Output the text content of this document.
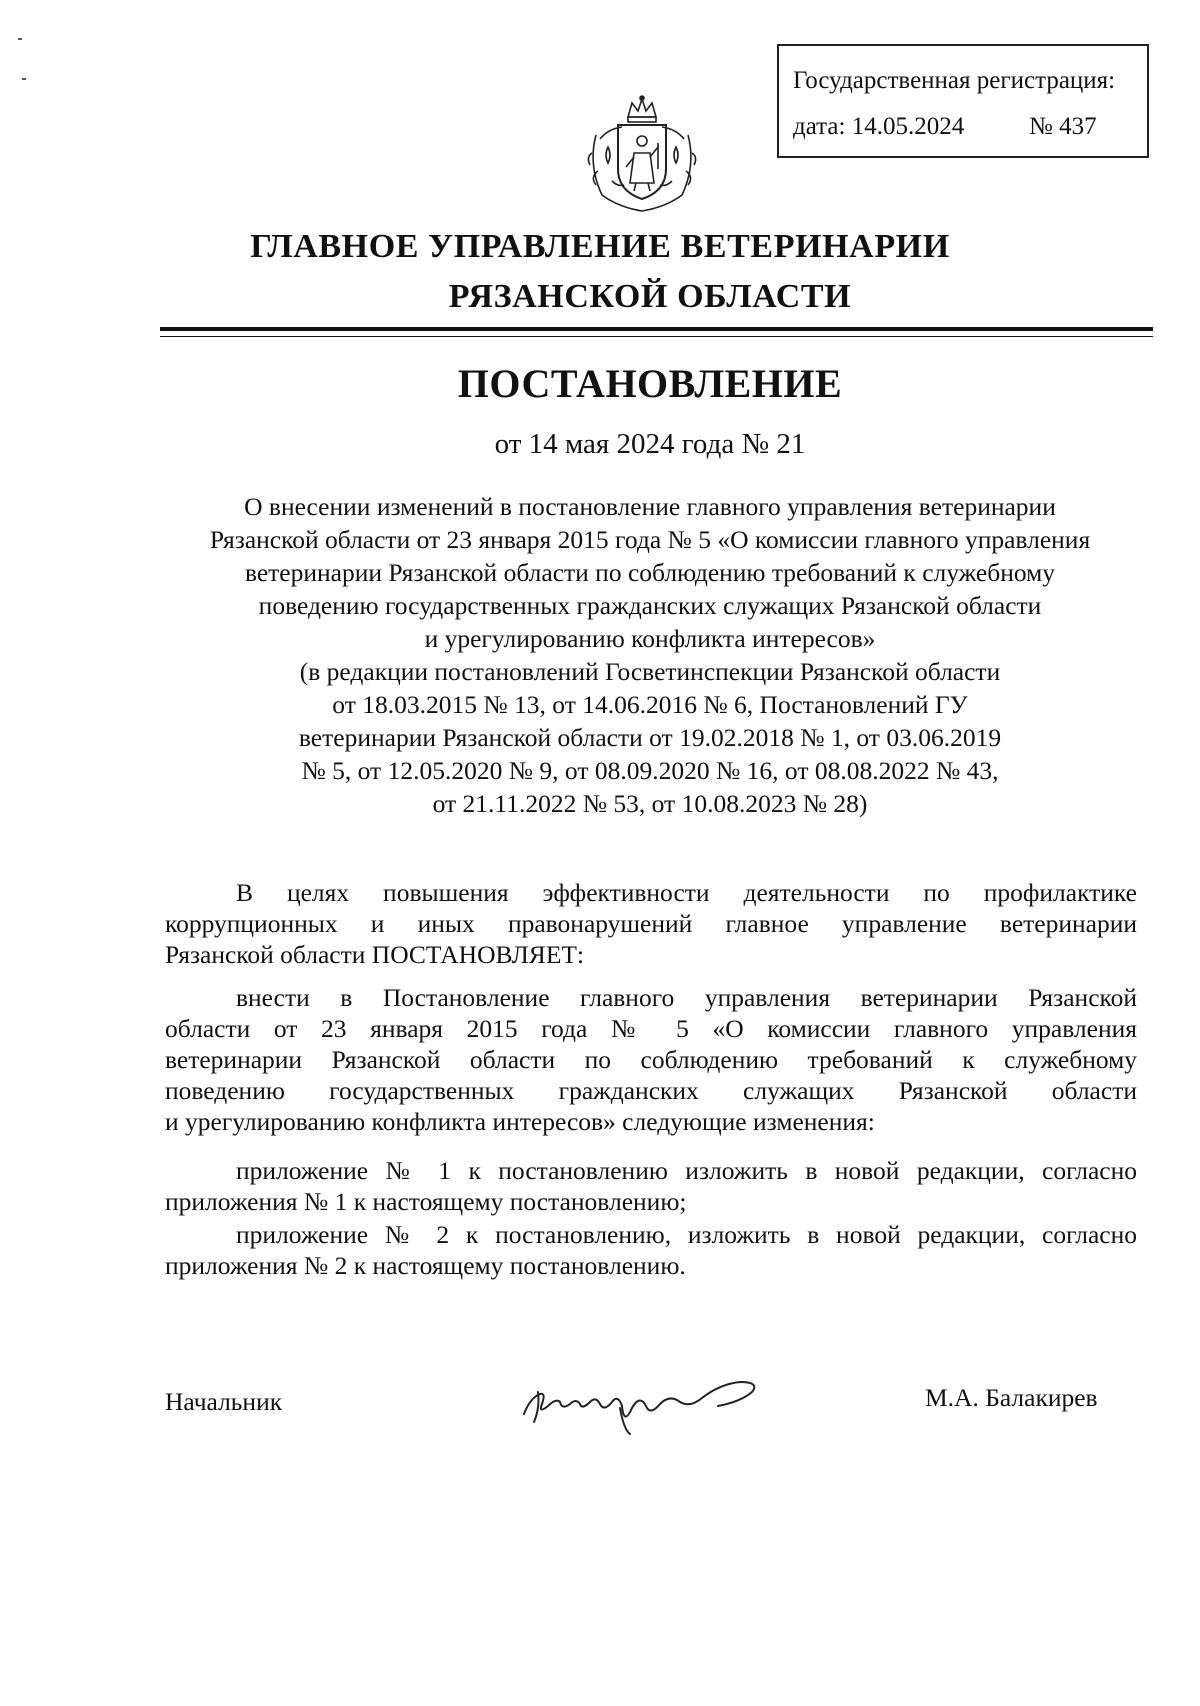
Государственная регистрация:
дата: 14.05.2024	№ 437
ГЛАВНОЕ УПРАВЛЕНИЕ ВЕТЕРИНАРИИ
РЯЗАНСКОЙ ОБЛАСТИ
ПОСТАНОВЛЕНИЕ
от 14 мая 2024 года № 21
О внесении изменений в постановление главного управления ветеринарии
Рязанской области от 23 января 2015 года № 5 «О комиссии главного управления
ветеринарии Рязанской области по соблюдению требований к служебному
поведению государственных гражданских служащих Рязанской области
и урегулированию конфликта интересов»
(в редакции постановлений Госветинспекции Рязанской области
от 18.03.2015 № 13, от 14.06.2016 № 6, Постановлений ГУ
ветеринарии Рязанской области от 19.02.2018 № 1, от 03.06.2019
№ 5, от 12.05.2020 № 9, от 08.09.2020 № 16, от 08.08.2022 № 43,
от 21.11.2022 № 53, от 10.08.2023 № 28)
В целях повышения эффективности деятельности по профилактике
коррупционных и иных правонарушений главное управление ветеринарии
Рязанской области ПОСТАНОВЛЯЕТ:
внести в Постановление главного управления ветеринарии Рязанской
области от 23 января 2015 года № 5 «О комиссии главного управления
ветеринарии Рязанской области по соблюдению требований к служебному
поведению государственных гражданских служащих Рязанской области
и урегулированию конфликта интересов» следующие изменения:
приложение № 1 к постановлению изложить в новой редакции, согласно
приложения № 1 к настоящему постановлению;
приложение № 2 к постановлению, изложить в новой редакции, согласно
приложения № 2 к настоящему постановлению.
Начальник	М.А. Балакирев
